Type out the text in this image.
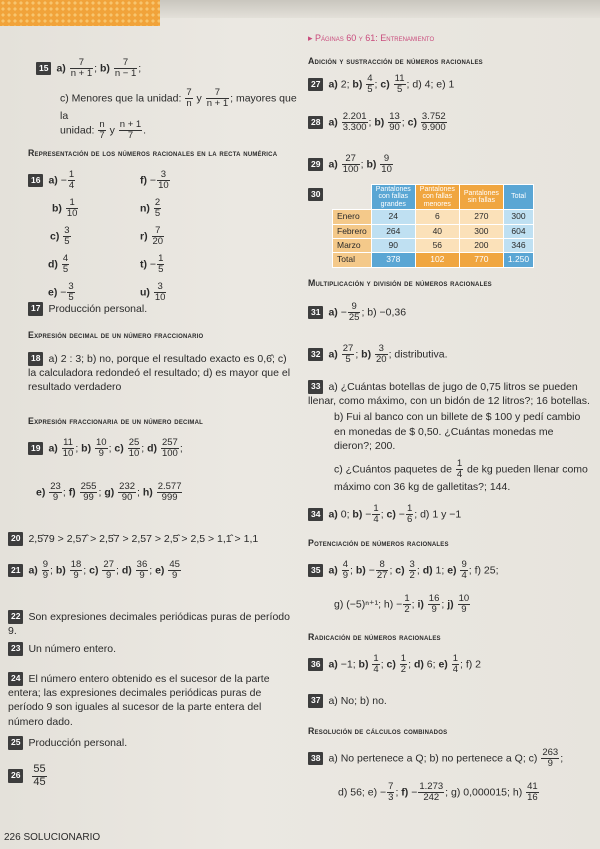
15 $a) \frac{7}{n + 1}$ ; $b) \frac{7}{n - 1}$ ;
c) Menores que la unidad: $\frac{7}{n}$ y $\frac{7}{n + 1}$ ; mayores que la
unidad: $\frac{n}{7}$ y $\frac{n + 1}{7}$ .
Representación de los números racionales en la recta numérica
16 $a) - \frac{1}{4}$
$b) \frac{1}{10}$
$c) \frac{3}{5}$
$d) \frac{4}{5}$
$e) - \frac{3}{5}$
$f) - \frac{3}{10}$
$n) \frac{2}{5}$
$r) \frac{7}{20}$
$t) - \frac{1}{5}$
$u) \frac{3}{10}$
17 Producción personal.
Expresión decimal de un número fraccionario
18 a) 2 : 3; b) no, porque el resultado exacto es 0,6̂; c) la calculadora redondeó el resultado; d) es mayor que el resultado verdadero
Expresión fraccionaria de un número decimal
19 $a) \frac{11}{10}$ ; $b) \frac{10}{9}$ ; $c) \frac{25}{10}$ ; $d) \frac{257}{100}$ ;
$e) \frac{23}{9}$ ; $f) \frac{255}{99}$ ; $g) \frac{232}{90}$ ; $h) \frac{2.577}{999}$
20 2,5̂79 > 2,57̂ > 2,5̂7 > 2,57 > 2,5̂ > 2,5 > 1,1̂ > 1,1
21 $a) \frac{9}{9}$ ; $b) \frac{18}{9}$ ; $c) \frac{27}{9}$ ; $d) \frac{36}{9}$ ; $e) \frac{45}{9}$
22 Son expresiones decimales periódicas puras de período 9.
23 Un número entero.
24 El número entero obtenido es el sucesor de la parte entera; las expresiones decimales periódicas puras de período 9 son iguales al sucesor de la parte entera del número dado.
25 Producción personal.
$26 \frac{55}{45}$
▸ Páginas 60 y 61: Entrenamiento
Adición y sustracción de números racionales
27 a) 2; $b) \frac{4}{5}$ ; $c) \frac{11}{5}$ ; d) 4; e) 1
28 $a) \frac{2.201}{3.300}$ ; $b) \frac{13}{90}$ ; $c) \frac{3.752}{9.900}$
29 $a) \frac{27}{100}$ ; $b) \frac{9}{10}$
30
		Pantalones con fallas grandes	Pantalones con fallas menores	Pantalones sin fallas	Total
Enero	24	6	270	300
Febrero	264	40	300	604
Marzo	90	56	200	346
Total	378	102	770	1.250
Multiplicación y división de números racionales
31 $a) - \frac{9}{25}$ ; b) −0,36
32 $a) \frac{27}{5}$ ; $b) \frac{3}{20}$ ; distributiva.
33 a) ¿Cuántas botellas de jugo de 0,75 litros se pueden llenar, como máximo, con un bidón de 12 litros?; 16 botellas.
b) Fui al banco con un billete de $ 100 y pedí cambio en monedas de $ 0,50. ¿Cuántas monedas me dieron?; 200.
c) ¿Cuántos paquetes de $\frac{1}{4}$ de kg pueden llenar como máximo con 36 kg de galletitas?; 144.
34 a) 0; $b) - \frac{1}{4}$ ; $c) - \frac{1}{6}$ ; d) 1 y −1
Potenciación de números racionales
35 $a) \frac{4}{9}$ ; $b) - \frac{8}{27}$ ; $c) \frac{3}{2}$ ; d) 1; $e) \frac{9}{4}$ ; f) 25;
g) (−5)ⁿ⁺¹; $h) - \frac{1}{2}$ ; $i) \frac{16}{9}$ ; $j) \frac{10}{9}$
Radicación de números racionales
36 a) −1; $b) \frac{1}{4}$ ; $c) \frac{1}{2}$ ; d) 6; $e) \frac{1}{4}$ ; f) 2
37 a) No; b) no.
Resolución de cálculos combinados
38 a) No pertenece a Q; b) no pertenece a Q; $c) \frac{263}{9}$ ;
d) 56; $e) - \frac{7}{3}$ ; $f) - \frac{1.273}{242}$ ; g) 0,000015; $h) \frac{41}{16}$
226 SOLUCIONARIO
